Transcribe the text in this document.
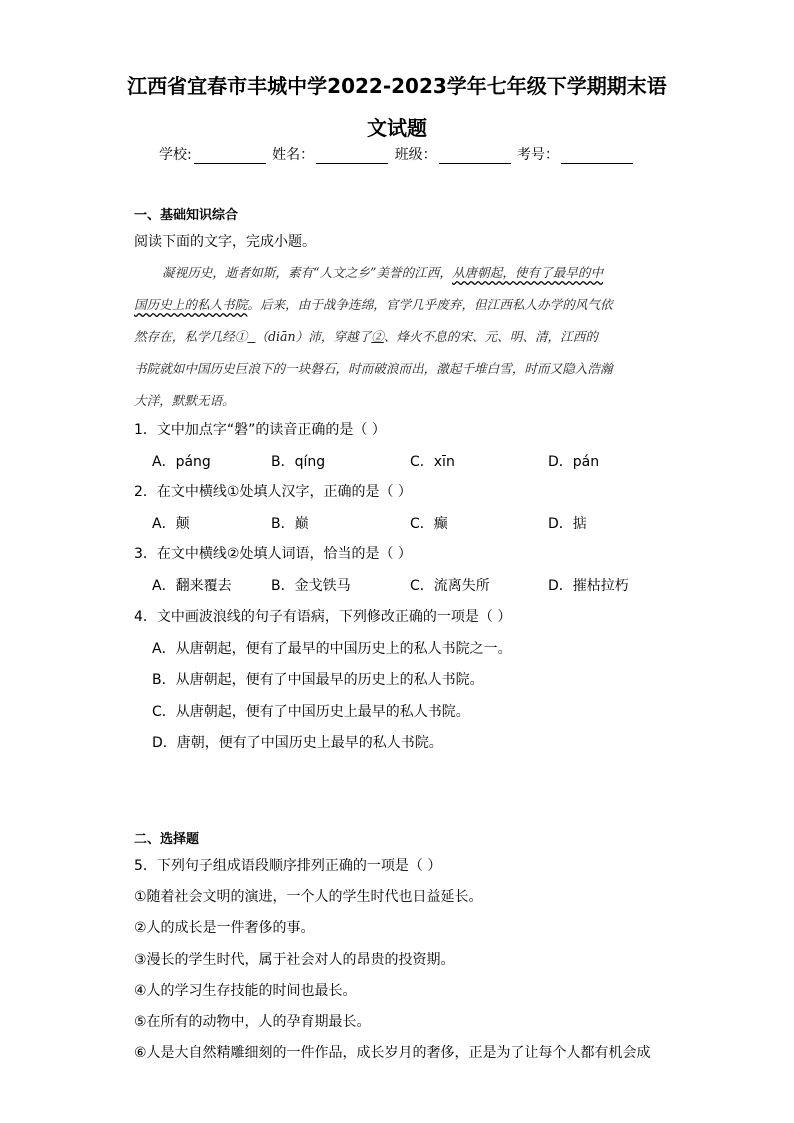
江西省宜春市丰城中学2022-2023学年七年级下学期期末语
文试题
学校:	姓名：	班级：	考号：
一、基础知识综合
阅读下面的文字，完成小题。
凝视历史，逝者如斯，素有“人文之乡”美誉的江西，从唐朝起，使有了最早的中
国历史上的私人书院。后来，由于战争连绵，官学几乎废弃，但江西私人办学的风气依
然存在，私学几经① （diān）沛，穿越了②、烽火不息的宋、元、明、清，江西的
书院就如中国历史巨浪下的一块磐石，时而破浪而出，激起千堆白雪，时而又隐入浩瀚
大洋，默默无语。
1．文中加点字“磐”的读音正确的是（ ）
A．páng	B．qíng	C．xīn	D．pán
2．在文中横线①处填人汉字，正确的是（ ）
A．颠	B．巅	C．癫	D．掂
3．在文中横线②处填人词语，恰当的是（ ）
A．翻来覆去	B．金戈铁马	C．流离失所	D．摧枯拉朽
4．文中画波浪线的句子有语病，下列修改正确的一项是（ ）
A．从唐朝起，便有了最早的中国历史上的私人书院之一。
B．从唐朝起，便有了中国最早的历史上的私人书院。
C．从唐朝起，便有了中国历史上最早的私人书院。
D．唐朝，便有了中国历史上最早的私人书院。
二、选择题
5．下列句子组成语段顺序排列正确的一项是（ ）
①随着社会文明的演进，一个人的学生时代也日益延长。
②人的成长是一件奢侈的事。
③漫长的学生时代，属于社会对人的昂贵的投资期。
④人的学习生存技能的时间也最长。
⑤在所有的动物中，人的孕育期最长。
⑥人是大自然精雕细刻的一件作品，成长岁月的奢侈，正是为了让每个人都有机会成
